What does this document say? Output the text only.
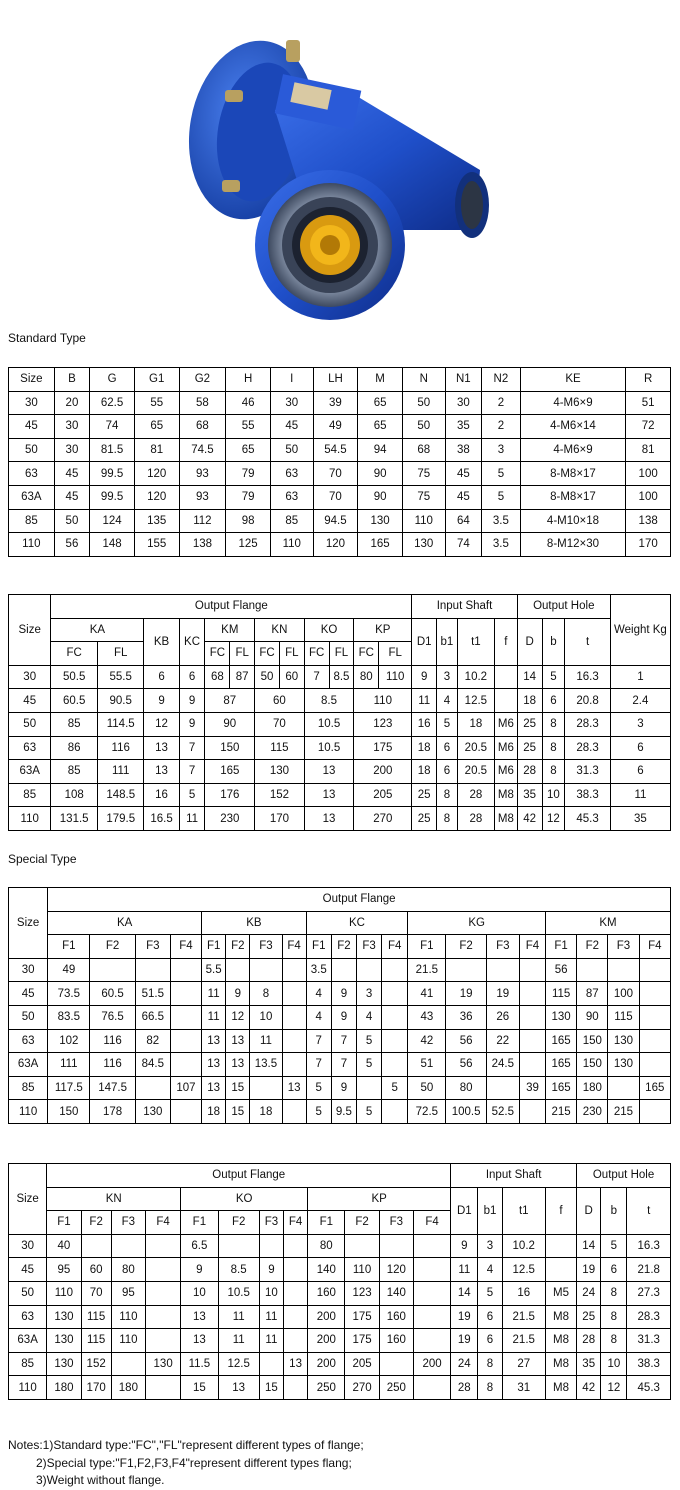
Standard Type
Size	B	G	G1	G2	H	I	LH	M	N	N1	N2	KE	R
30	20	62.5	55	58	46	30	39	65	50	30	2	4-M6×9	51
45	30	74	65	68	55	45	49	65	50	35	2	4-M6×14	72
50	30	81.5	81	74.5	65	50	54.5	94	68	38	3	4-M6×9	81
63	45	99.5	120	93	79	63	70	90	75	45	5	8-M8×17	100
63A	45	99.5	120	93	79	63	70	90	75	45	5	8-M8×17	100
85	50	124	135	112	98	85	94.5	130	110	64	3.5	4-M10×18	138
110	56	148	155	138	125	110	120	165	130	74	3.5	8-M12×30	170
Size	Output Flange												Input Shaft				Output Hole			Weight Kg
	KA		KB	KC	KM		KN		KO		KP		D1	b1	t1	f	D	b	t	
	FC	FL			FC	FL	FC	FL	FC	FL	FC	FL								
30	50.5	55.5	6	6	68	87	50	60	7	8.5	80	110	9	3	10.2		14	5	16.3	1
45	60.5	90.5	9	9	87		60		8.5		110		11	4	12.5		18	6	20.8	2.4
50	85	114.5	12	9	90		70		10.5		123		16	5	18	M6	25	8	28.3	3
63	86	116	13	7	150		115		10.5		175		18	6	20.5	M6	25	8	28.3	6
63A	85	111	13	7	165		130		13		200		18	6	20.5	M6	28	8	31.3	6
85	108	148.5	16	5	176		152		13		205		25	8	28	M8	35	10	38.3	11
110	131.5	179.5	16.5	11	230		170		13		270		25	8	28	M8	42	12	45.3	35
Special Type
Size	Output Flange																			
	KA				KB				KC				KG				KM			
	F1	F2	F3	F4	F1	F2	F3	F4	F1	F2	F3	F4	F1	F2	F3	F4	F1	F2	F3	F4
30	49				5.5				3.5				21.5				56			
45	73.5	60.5	51.5		11	9	8		4	9	3		41	19	19		115	87	100	
50	83.5	76.5	66.5		11	12	10		4	9	4		43	36	26		130	90	115	
63	102	116	82		13	13	11		7	7	5		42	56	22		165	150	130	
63A	111	116	84.5		13	13	13.5		7	7	5		51	56	24.5		165	150	130	
85	117.5	147.5		107	13	15		13	5	9		5	50	80		39	165	180		165
110	150	178	130		18	15	18		5	9.5	5		72.5	100.5	52.5		215	230	215	
Size	Output Flange												Input Shaft				Output Hole		
	KN				KO				KP				D1	b1	t1	f	D	b	t
	F1	F2	F3	F4	F1	F2	F3	F4	F1	F2	F3	F4							
30	40				6.5				80				9	3	10.2		14	5	16.3
45	95	60	80		9	8.5	9		140	110	120		11	4	12.5		19	6	21.8
50	110	70	95		10	10.5	10		160	123	140		14	5	16	M5	24	8	27.3
63	130	115	110		13	11	11		200	175	160		19	6	21.5	M8	25	8	28.3
63A	130	115	110		13	11	11		200	175	160		19	6	21.5	M8	28	8	31.3
85	130	152		130	11.5	12.5		13	200	205		200	24	8	27	M8	35	10	38.3
110	180	170	180		15	13	15		250	270	250		28	8	31	M8	42	12	45.3
Notes:1)Standard type:"FC","FL"represent different types of flange;
2)Special type:"F1,F2,F3,F4"represent different types flang;
3)Weight without flange.
